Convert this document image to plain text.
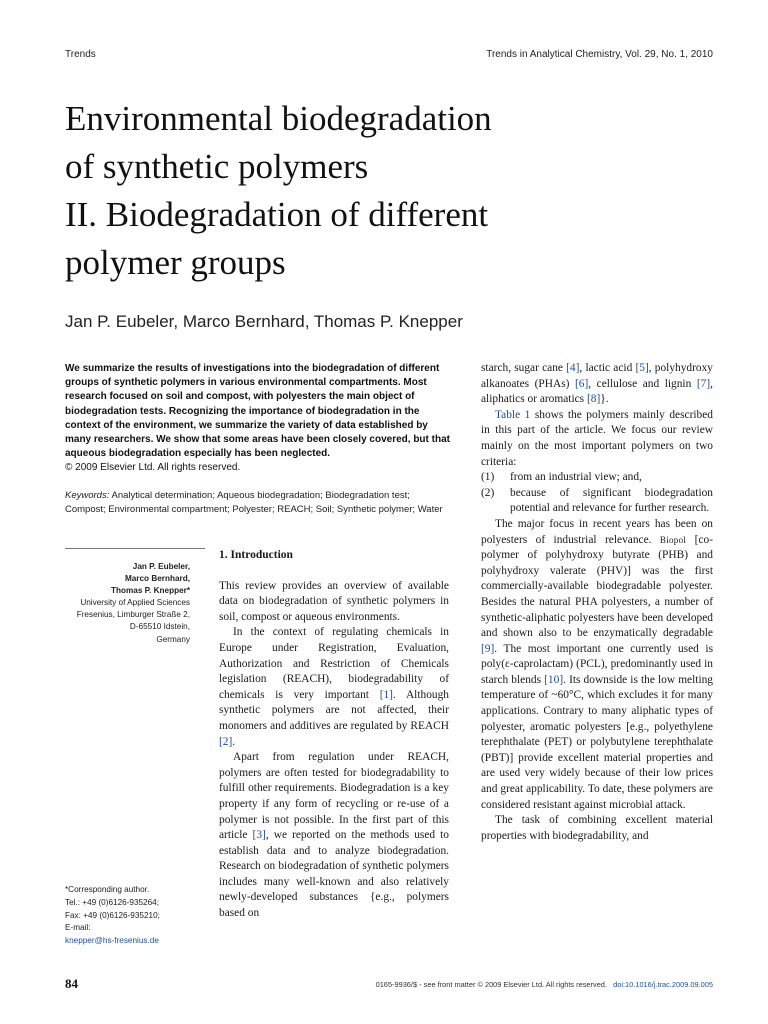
Trends	Trends in Analytical Chemistry, Vol. 29, No. 1, 2010
Environmental biodegradation
of synthetic polymers
II. Biodegradation of different
polymer groups
Jan P. Eubeler, Marco Bernhard, Thomas P. Knepper

We summarize the results of investigations into the biodegradation of different groups of synthetic polymers in various environmental compartments. Most research focused on soil and compost, with polyesters the main object of biodegradation tests. Recognizing the importance of biodegradation in the context of the environment, we summarize the variety of data established by many researchers. We show that some areas have been closely covered, but that aqueous biodegradation especially has been neglected.
© 2009 Elsevier Ltd. All rights reserved.

Keywords: Analytical determination; Aqueous biodegradation; Biodegradation test; Compost; Environmental compartment; Polyester; REACH; Soil; Synthetic polymer; Water
Jan P. Eubeler,
Marco Bernhard,
Thomas P. Knepper*
University of Applied Sciences
Fresenius, Limburger Straße 2,
D-65510 Idstein,
Germany
*Corresponding author.
Tel.: +49 (0)6126-935264;
Fax: +49 (0)6126-935210;
E-mail:
knepper@hs-fresenius.de

1. Introduction

This review provides an overview of available data on biodegradation of synthetic polymers in soil, compost or aqueous environments.

In the context of regulating chemicals in Europe under Registration, Evaluation, Authorization and Restriction of Chemicals legislation (REACH), biodegradability of chemicals is very important [1]. Although synthetic polymers are not affected, their monomers and additives are regulated by REACH [2].

Apart from regulation under REACH, polymers are often tested for biodegradability to fulfill other requirements. Biodegradation is a key property if any form of recycling or re-use of a polymer is not possible. In the first part of this article [3], we reported on the methods used to establish data and to analyze biodegradation. Research on biodegradation of synthetic polymers includes many well-known and also relatively newly-developed substances {e.g., polymers based on

starch, sugar cane [4], lactic acid [5], polyhydroxy alkanoates (PHAs) [6], cellulose and lignin [7], aliphatics or aromatics [8]}.

Table 1 shows the polymers mainly described in this part of the article. We focus our review mainly on the most important polymers on two criteria:

(1)	from an industrial view; and,
(2)	because of significant biodegradation potential and relevance for further research.

The major focus in recent years has been on polyesters of industrial relevance. Biopol [co-polymer of polyhydroxy butyrate (PHB) and polyhydroxy valerate (PHV)] was the first commercially-available biodegradable polyester. Besides the natural PHA polyesters, a number of synthetic-aliphatic polyesters have been developed and shown also to be enzymatically degradable [9]. The most important one currently used is poly(ε-caprolactam) (PCL), predominantly used in starch blends [10]. Its downside is the low melting temperature of ~60°C, which excludes it for many applications. Contrary to many aliphatic types of polyester, aromatic polyesters [e.g., polyethylene terephthalate (PET) or polybutylene terephthalate (PBT)] provide excellent material properties and are used very widely because of their low prices and great applicability. To date, these polymers are considered resistant against microbial attack.

The task of combining excellent material properties with biodegradability, and

84	0165-9936/$ - see front matter © 2009 Elsevier Ltd. All rights reserved. doi:10.1016/j.trac.2009.09.005
